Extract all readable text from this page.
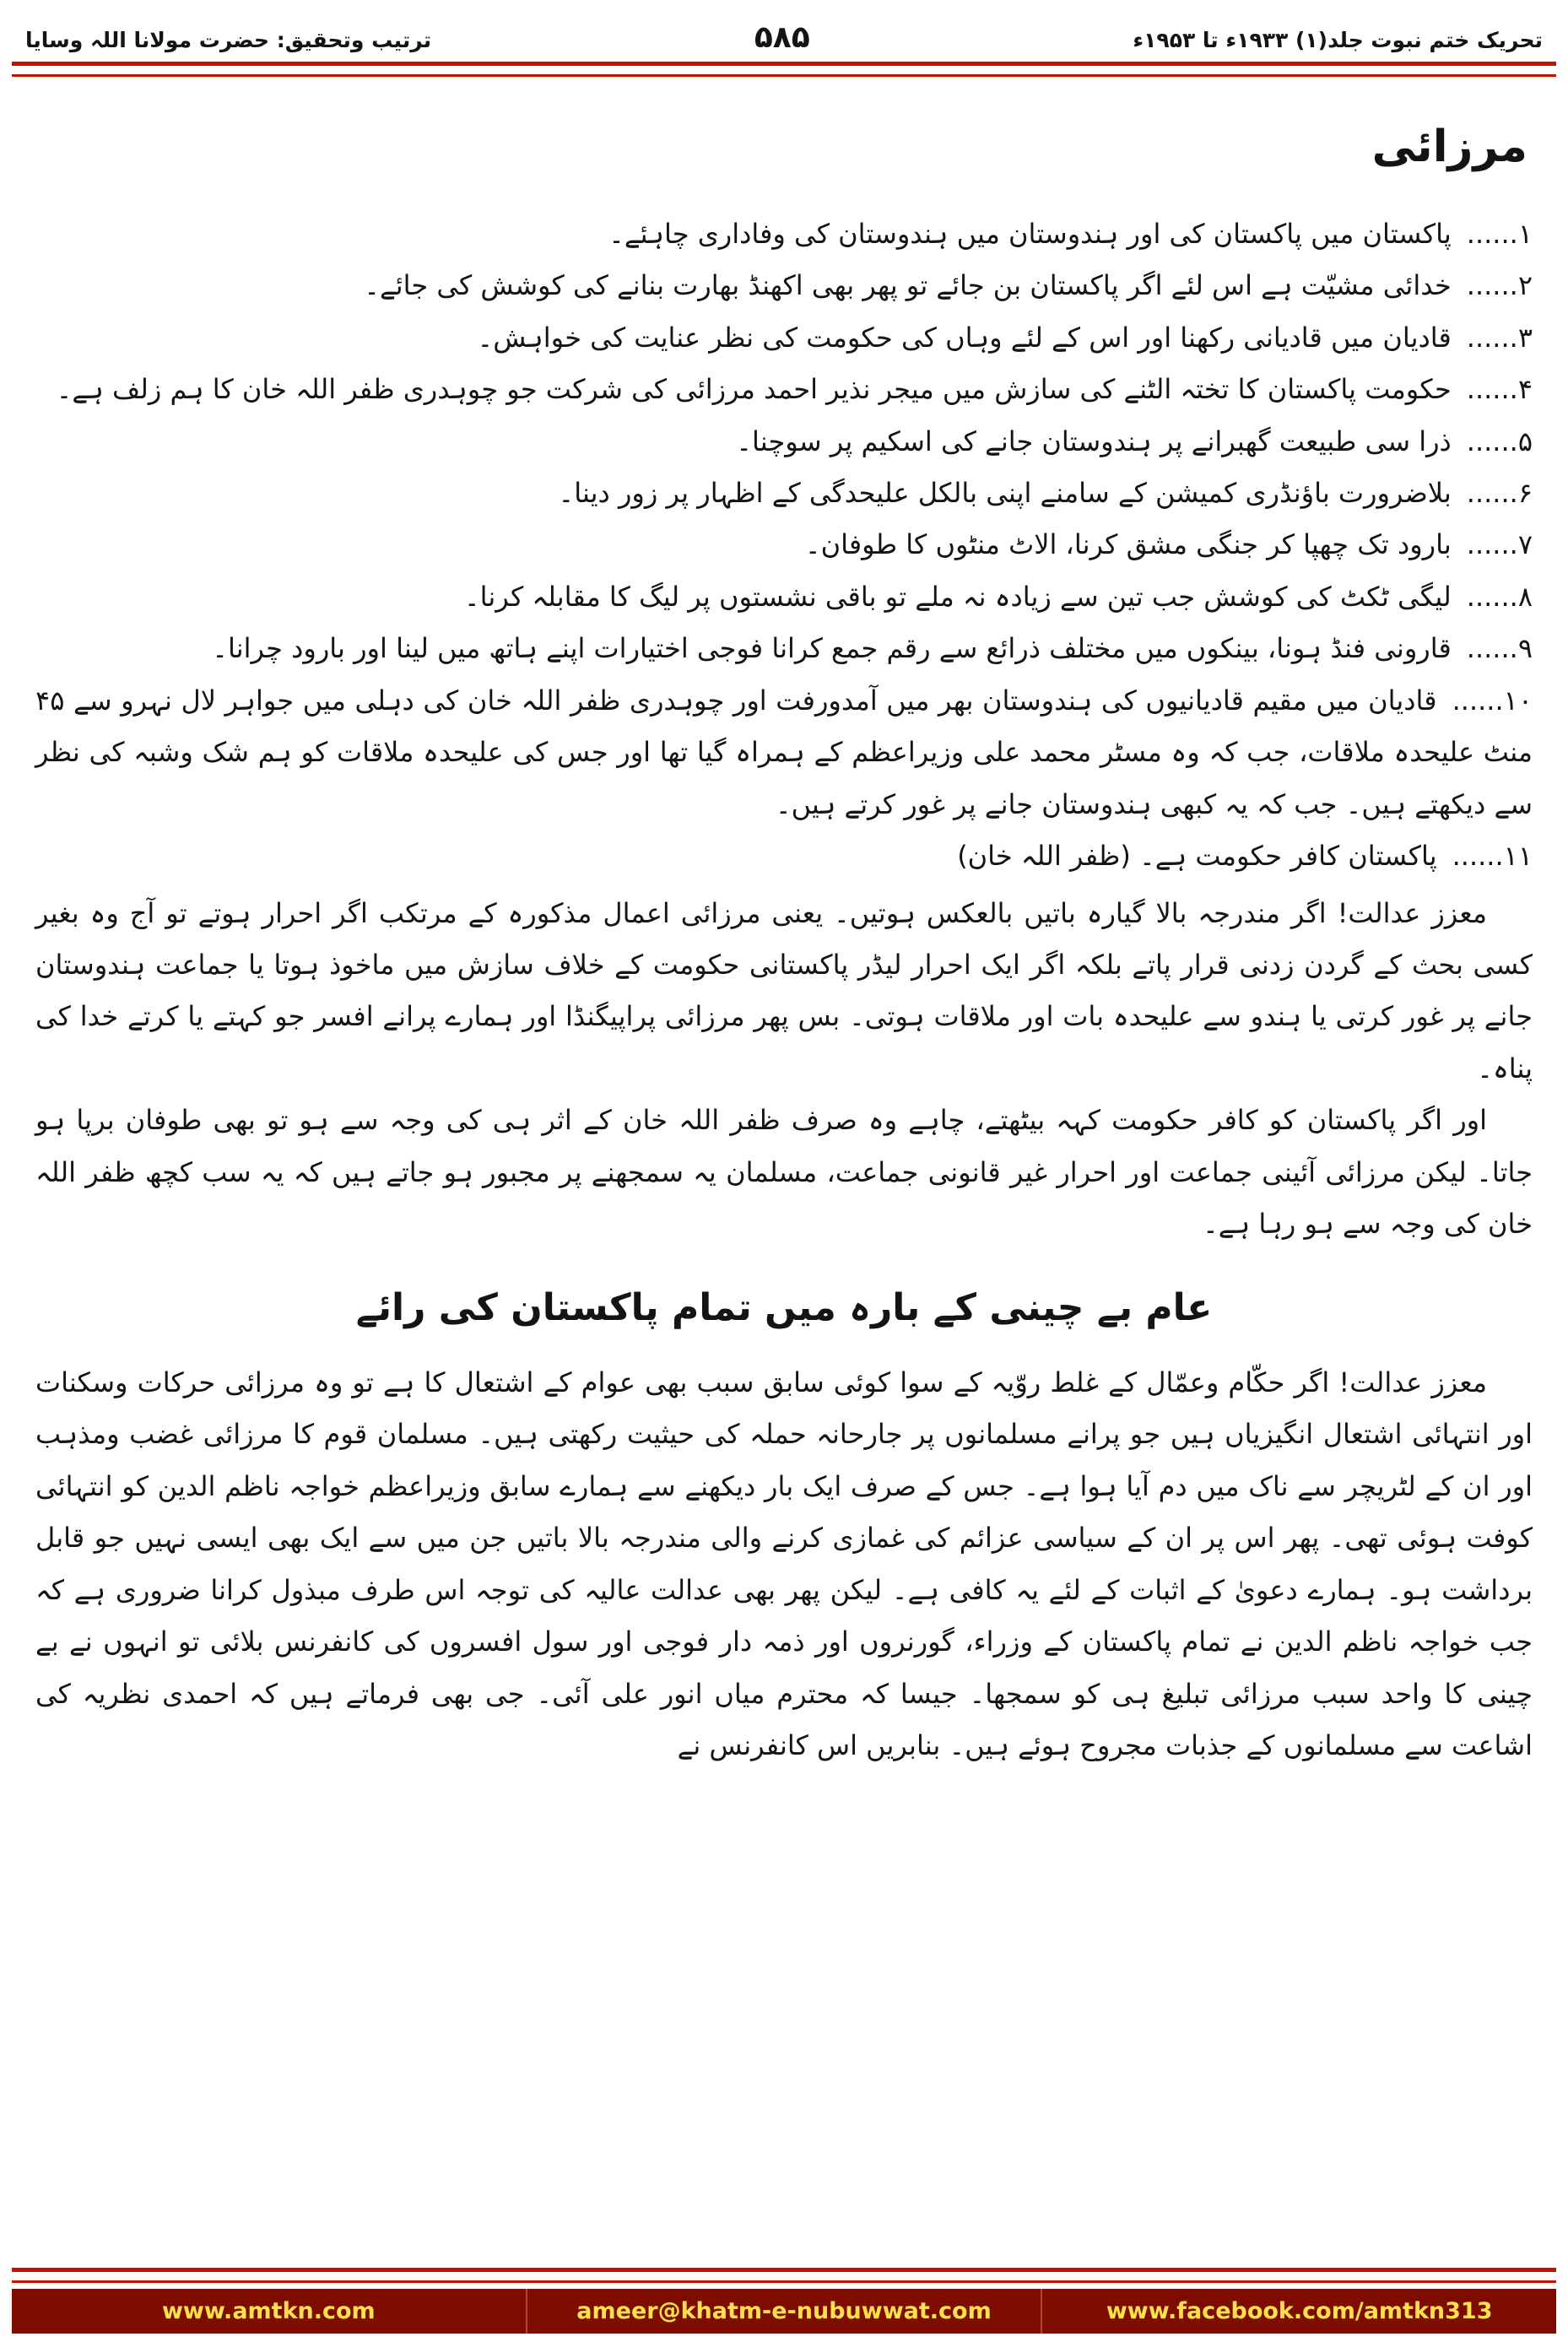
تحریک ختم نبوت جلد(۱) ۱۹۳۳ء تا ۱۹۵۳ء
۵۸۵
ترتیب وتحقیق: حضرت مولانا اللہ وسایا
مرزائی
۱......پاکستان میں پاکستان کی اور ہندوستان میں ہندوستان کی وفاداری چاہئے۔
۲......خدائی مشیّت ہے اس لئے اگر پاکستان بن جائے تو پھر بھی اکھنڈ بھارت بنانے کی کوشش کی جائے۔
۳......قادیان میں قادیانی رکھنا اور اس کے لئے وہاں کی حکومت کی نظر عنایت کی خواہش۔
۴......حکومت پاکستان کا تختہ الٹنے کی سازش میں میجر نذیر احمد مرزائی کی شرکت جو چوہدری ظفر اللہ خان کا ہم زلف ہے۔
۵......ذرا سی طبیعت گھبرانے پر ہندوستان جانے کی اسکیم پر سوچنا۔
۶......بلاضرورت باؤنڈری کمیشن کے سامنے اپنی بالکل علیحدگی کے اظہار پر زور دینا۔
۷......بارود تک چھپا کر جنگی مشق کرنا، الاٹ منٹوں کا طوفان۔
۸......لیگی ٹکٹ کی کوشش جب تین سے زیادہ نہ ملے تو باقی نشستوں پر لیگ کا مقابلہ کرنا۔
۹......قارونی فنڈ ہونا، بینکوں میں مختلف ذرائع سے رقم جمع کرانا فوجی اختیارات اپنے ہاتھ میں لینا اور بارود چرانا۔
۱۰......قادیان میں مقیم قادیانیوں کی ہندوستان بھر میں آمدورفت اور چوہدری ظفر اللہ خان کی دہلی میں جواہر لال نہرو سے ۴۵ منٹ علیحدہ ملاقات، جب کہ وہ مسٹر محمد علی وزیراعظم کے ہمراہ گیا تھا اور جس کی علیحدہ ملاقات کو ہم شک وشبہ کی نظر سے دیکھتے ہیں۔ جب کہ یہ کبھی ہندوستان جانے پر غور کرتے ہیں۔
۱۱......پاکستان کافر حکومت ہے۔ (ظفر اللہ خان)

معزز عدالت! اگر مندرجہ بالا گیارہ باتیں بالعکس ہوتیں۔ یعنی مرزائی اعمال مذکورہ کے مرتکب اگر احرار ہوتے تو آج وہ بغیر کسی بحث کے گردن زدنی قرار پاتے بلکہ اگر ایک احرار لیڈر پاکستانی حکومت کے خلاف سازش میں ماخوذ ہوتا یا جماعت ہندوستان جانے پر غور کرتی یا ہندو سے علیحدہ بات اور ملاقات ہوتی۔ بس پھر مرزائی پراپیگنڈا اور ہمارے پرانے افسر جو کہتے یا کرتے خدا کی پناہ۔

اور اگر پاکستان کو کافر حکومت کہہ بیٹھتے، چاہے وہ صرف ظفر اللہ خان کے اثر ہی کی وجہ سے ہو تو بھی طوفان برپا ہو جاتا۔ لیکن مرزائی آئینی جماعت اور احرار غیر قانونی جماعت، مسلمان یہ سمجھنے پر مجبور ہو جاتے ہیں کہ یہ سب کچھ ظفر اللہ خان کی وجہ سے ہو رہا ہے۔

عام بے چینی کے بارہ میں تمام پاکستان کی رائے

معزز عدالت! اگر حکّام وعمّال کے غلط روّیہ کے سوا کوئی سابق سبب بھی عوام کے اشتعال کا ہے تو وہ مرزائی حرکات وسکنات اور انتہائی اشتعال انگیزیاں ہیں جو پرانے مسلمانوں پر جارحانہ حملہ کی حیثیت رکھتی ہیں۔ مسلمان قوم کا مرزائی غضب ومذہب اور ان کے لٹریچر سے ناک میں دم آیا ہوا ہے۔ جس کے صرف ایک بار دیکھنے سے ہمارے سابق وزیراعظم خواجہ ناظم الدین کو انتہائی کوفت ہوئی تھی۔ پھر اس پر ان کے سیاسی عزائم کی غمازی کرنے والی مندرجہ بالا باتیں جن میں سے ایک بھی ایسی نہیں جو قابل برداشت ہو۔ ہمارے دعویٰ کے اثبات کے لئے یہ کافی ہے۔ لیکن پھر بھی عدالت عالیہ کی توجہ اس طرف مبذول کرانا ضروری ہے کہ جب خواجہ ناظم الدین نے تمام پاکستان کے وزراء، گورنروں اور ذمہ دار فوجی اور سول افسروں کی کانفرنس بلائی تو انہوں نے بے چینی کا واحد سبب مرزائی تبلیغ ہی کو سمجھا۔ جیسا کہ محترم میاں انور علی آئی۔ جی بھی فرماتے ہیں کہ احمدی نظریہ کی اشاعت سے مسلمانوں کے جذبات مجروح ہوئے ہیں۔ بنابریں اس کانفرنس نے

www.amtkn.com	ameer@khatm-e-nubuwwat.com	www.facebook.com/amtkn313
